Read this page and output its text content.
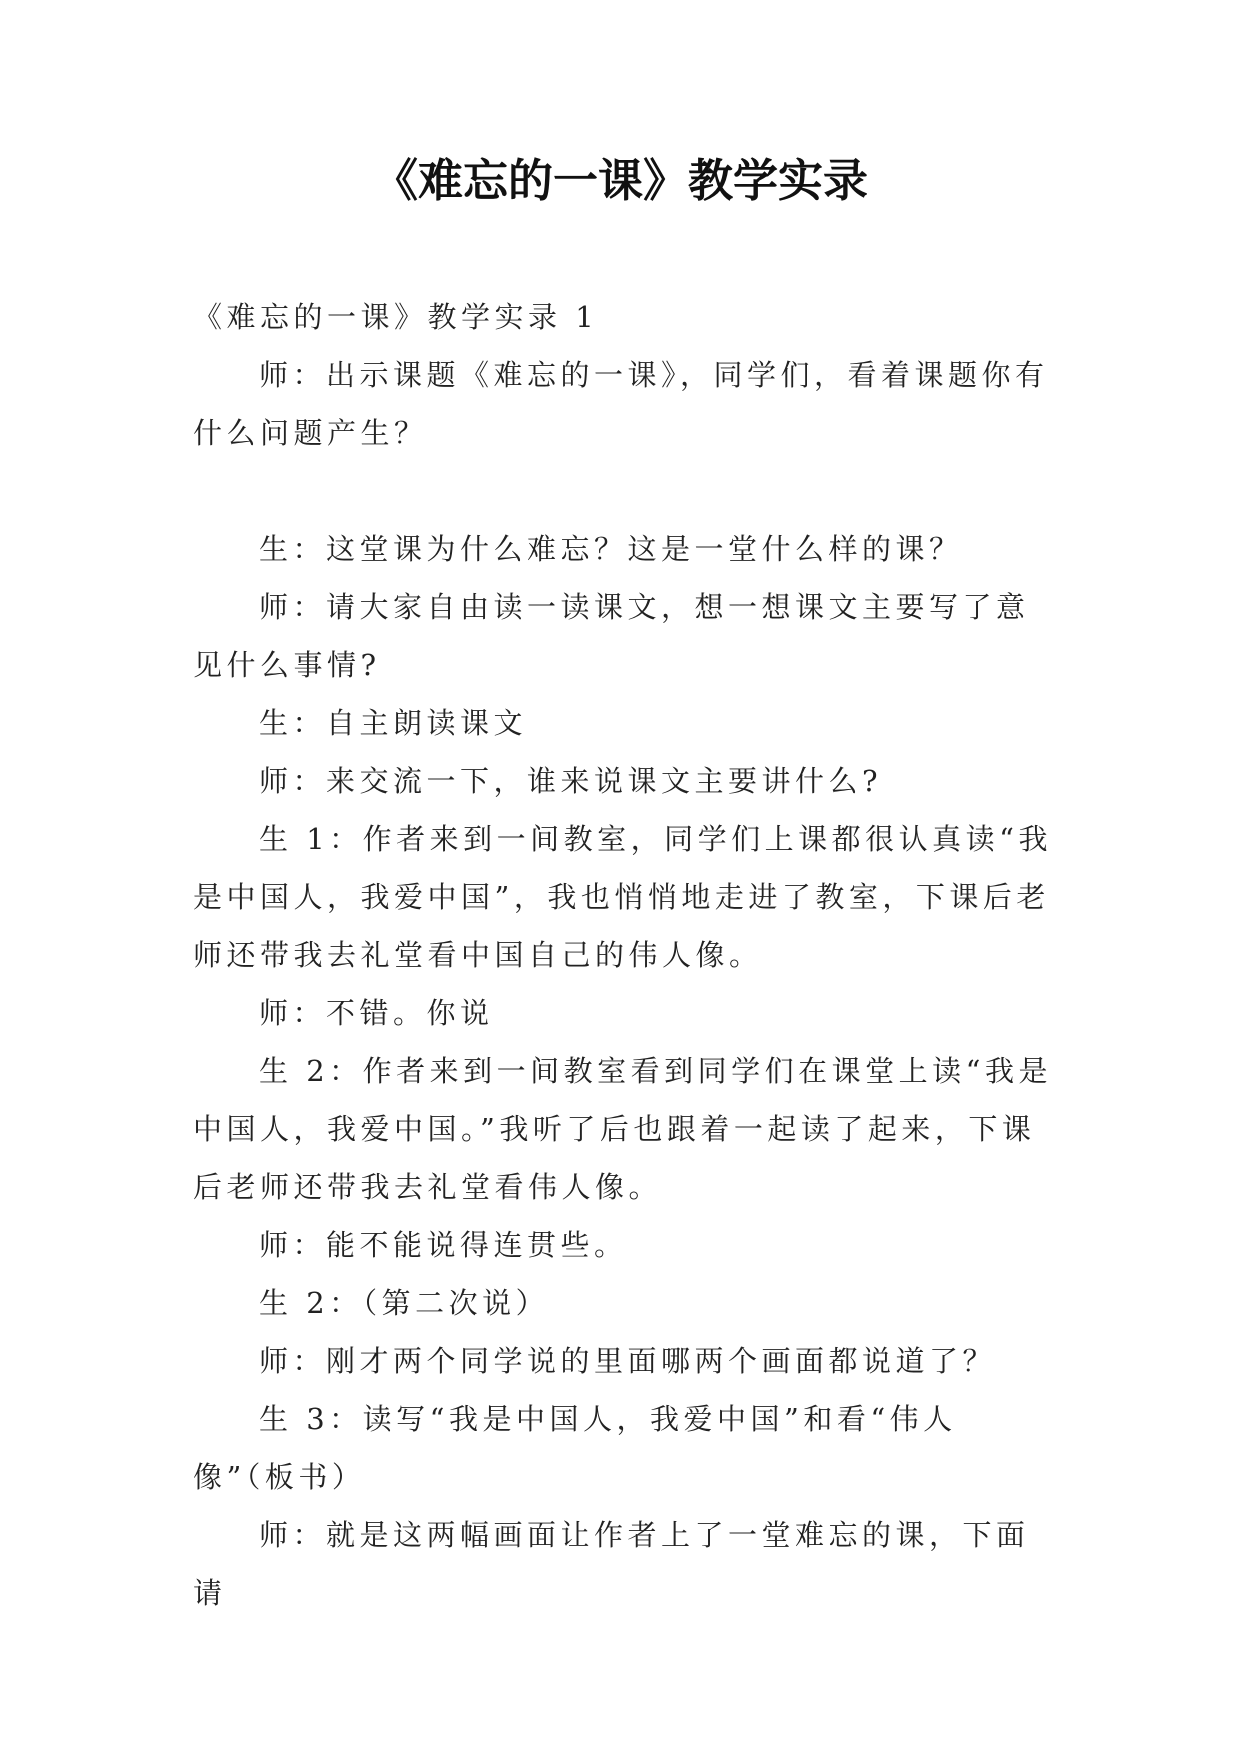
《难忘的一课》教学实录

《难忘的一课》教学实录 1

师：出示课题《难忘的一课》，同学们，看着课题你有什么问题产生？

生：这堂课为什么难忘？这是一堂什么样的课？

师：请大家自由读一读课文，想一想课文主要写了意见什么事情?

生：自主朗读课文

师：来交流一下，谁来说课文主要讲什么?

生 1：作者来到一间教室，同学们上课都很认真读“我是中国人，我爱中国”，我也悄悄地走进了教室，下课后老师还带我去礼堂看中国自己的伟人像。

师：不错。你说

生 2：作者来到一间教室看到同学们在课堂上读“我是中国人，我爱中国。”我听了后也跟着一起读了起来，下课后老师还带我去礼堂看伟人像。

师：能不能说得连贯些。

生 2：（第二次说）

师：刚才两个同学说的里面哪两个画面都说道了？

生 3：读写“我是中国人，我爱中国”和看“伟人像”（板书）

师：就是这两幅画面让作者上了一堂难忘的课，下面请
